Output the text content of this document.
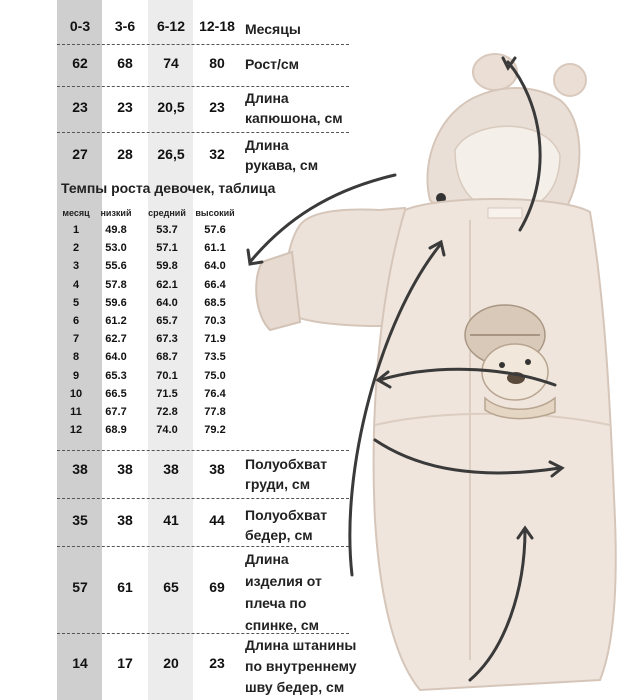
0-3	3-6	6-12	12-18 Месяцы
62	68	74	80	Рост/см
23	23	20,5	23
Длина
капюшона, см
27	28	26,5	32
Длина
рукава, см
Темпы роста девочек, таблица
месяц	низкий	средний	высокий
1	49.8	53.7	57.6
2	53.0	57.1	61.1
3	55.6	59.8	64.0
4	57.8	62.1	66.4
5	59.6	64.0	68.5
6	61.2	65.7	70.3
7	62.7	67.3	71.9
8	64.0	68.7	73.5
9	65.3	70.1	75.0
10	66.5	71.5	76.4
11	67.7	72.8	77.8
12	68.9	74.0	79.2
38	38	38	38	Полуобхват
груди, см
35	38	41	44	Полуобхват
бедер, см
57	61	65	69
Длина
изделия от
плеча по
спинке, см
14	17	20	23
Длина штанины
по внутреннему
шву бедер, см
